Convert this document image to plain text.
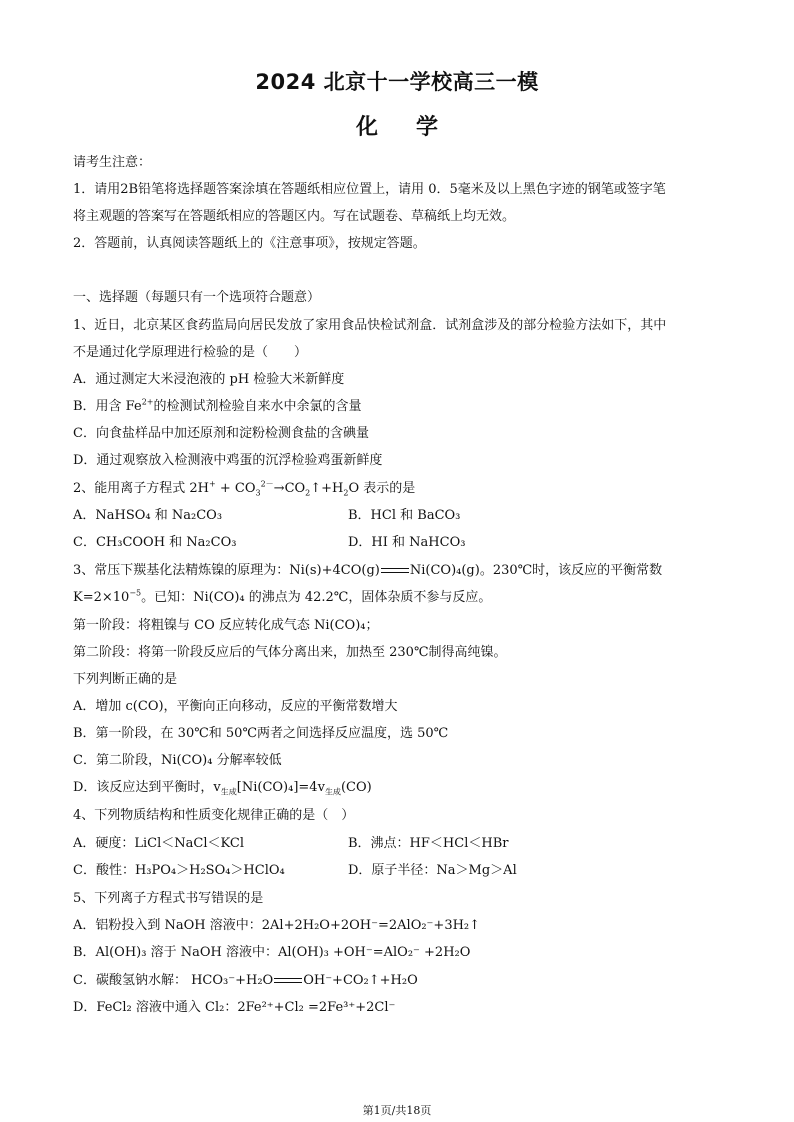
2024 北京十一学校高三一模
化学
请考生注意：
1．请用2B铅笔将选择题答案涂填在答题纸相应位置上，请用 0．5毫米及以上黑色字迹的钢笔或签字笔
将主观题的答案写在答题纸相应的答题区内。写在试题卷、草稿纸上均无效。
2．答题前，认真阅读答题纸上的《注意事项》，按规定答题。
一、选择题（每题只有一个选项符合题意）
1、近日，北京某区食药监局向居民发放了家用食品快检试剂盒．试剂盒涉及的部分检验方法如下，其中
不是通过化学原理进行检验的是（　　）
A．通过测定大米浸泡液的 pH 检验大米新鲜度
B．用含 $Fe^{2+}$的检测试剂检验自来水中余氯的含量
C．向食盐样品中加还原剂和淀粉检测食盐的含碘量
D．通过观察放入检测液中鸡蛋的沉浮检验鸡蛋新鲜度
2、能用离子方程式 $2H^+ + CO_3^{2-}\to CO_2↑+H_2O$ 表示的是
A．NaHSO₄ 和 Na₂CO₃	B．HCl 和 BaCO₃
C．CH₃COOH 和 Na₂CO₃	D．HI 和 NaHCO₃
3、常压下羰基化法精炼镍的原理为：Ni(s)+4CO(g) Ni(CO)₄(g)。230℃时，该反应的平衡常数
$K=2\times 10^{-5}$。已知：Ni(CO)₄ 的沸点为 42.2℃，固体杂质不参与反应。
第一阶段：将粗镍与 CO 反应转化成气态 Ni(CO)₄；
第二阶段：将第一阶段反应后的气体分离出来，加热至 230℃制得高纯镍。
下列判断正确的是
A．增加 c(CO)，平衡向正向移动，反应的平衡常数增大
B．第一阶段，在 30℃和 50℃两者之间选择反应温度，选 50℃
C．第二阶段，Ni(CO)₄ 分解率较低
D．该反应达到平衡时，$v_{生成}[Ni(CO)_4]=4v_{生成}(CO)$
4、下列物质结构和性质变化规律正确的是（　）
A．硬度：LiCl＜NaCl＜KCl	B．沸点：HF＜HCl＜HBr
C．酸性：H₃PO₄＞H₂SO₄＞HClO₄	D．原子半径：Na＞Mg＞Al
5、下列离子方程式书写错误的是
A．铝粉投入到 NaOH 溶液中：2Al+2H₂O+2OH⁻=2AlO₂⁻+3H₂↑
B．Al(OH)₃ 溶于 NaOH 溶液中：Al(OH)₃ +OH⁻=AlO₂⁻ +2H₂O
C．碳酸氢钠水解： HCO₃⁻+H₂O OH⁻+CO₂↑+H₂O
D．FeCl₂ 溶液中通入 Cl₂：2Fe²⁺+Cl₂ =2Fe³⁺+2Cl⁻
第1页/共18页
